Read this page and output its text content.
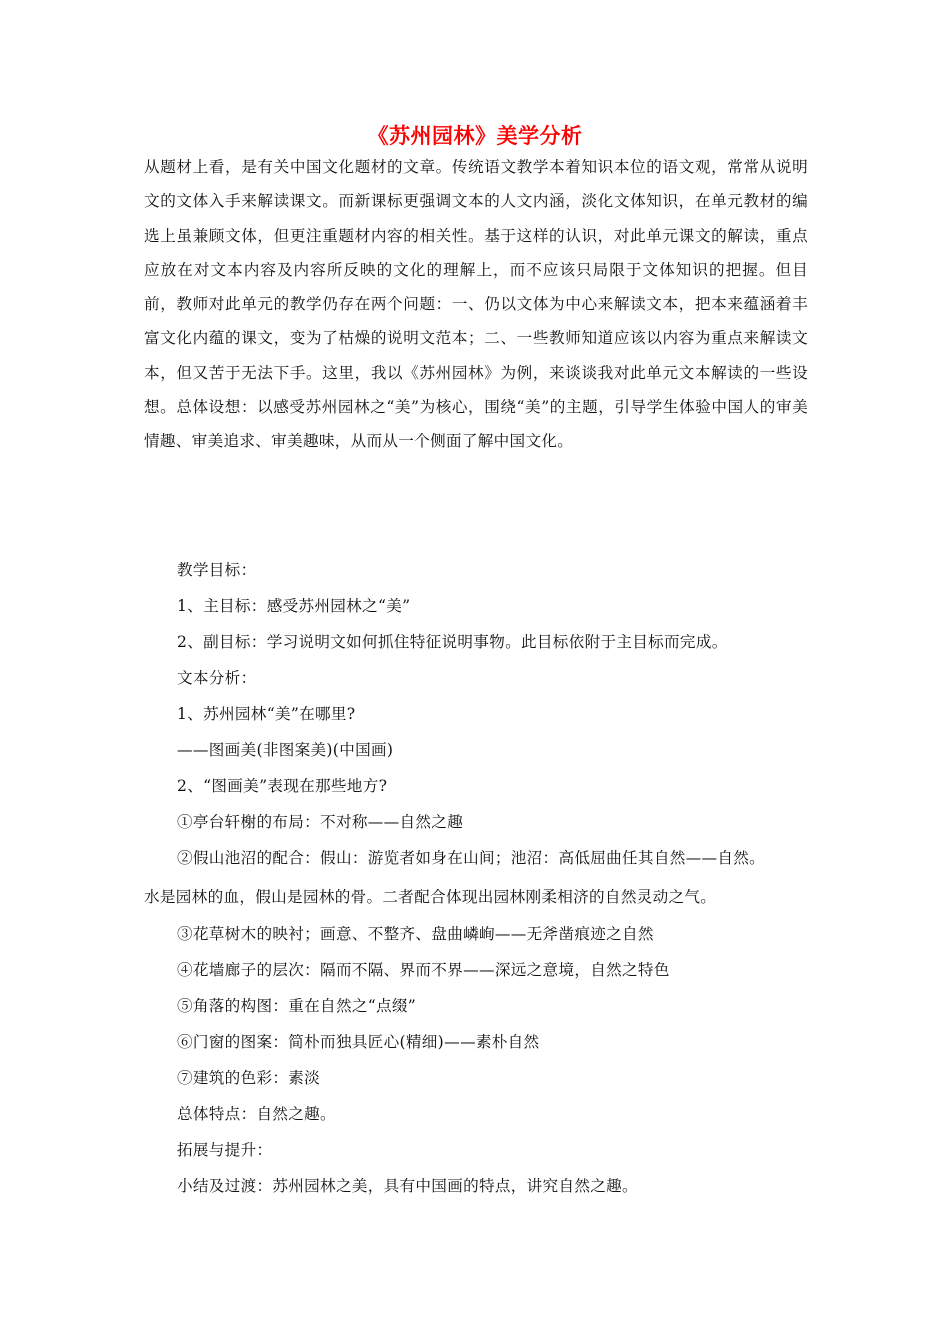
《苏州园林》美学分析
从题材上看，是有关中国文化题材的文章。传统语文教学本着知识本位的语文观，常常从说明文的文体入手来解读课文。而新课标更强调文本的人文内涵，淡化文体知识，在单元教材的编选上虽兼顾文体，但更注重题材内容的相关性。基于这样的认识，对此单元课文的解读，重点应放在对文本内容及内容所反映的文化的理解上，而不应该只局限于文体知识的把握。但目前，教师对此单元的教学仍存在两个问题：一、仍以文体为中心来解读文本，把本来蕴涵着丰富文化内蕴的课文，变为了枯燥的说明文范本；二、一些教师知道应该以内容为重点来解读文本，但又苦于无法下手。这里，我以《苏州园林》为例，来谈谈我对此单元文本解读的一些设想。总体设想：以感受苏州园林之“美”为核心，围绕“美”的主题，引导学生体验中国人的审美情趣、审美追求、审美趣味，从而从一个侧面了解中国文化。
教学目标：
1、主目标：感受苏州园林之“美”
2、副目标：学习说明文如何抓住特征说明事物。此目标依附于主目标而完成。
文本分析：
1、苏州园林“美”在哪里?
——图画美(非图案美)(中国画)
2、“图画美”表现在那些地方?
①亭台轩榭的布局：不对称——自然之趣
②假山池沼的配合：假山：游览者如身在山间；池沼：高低屈曲任其自然——自然。
水是园林的血，假山是园林的骨。二者配合体现出园林刚柔相济的自然灵动之气。
③花草树木的映衬；画意、不整齐、盘曲嶙峋——无斧凿痕迹之自然
④花墙廊子的层次：隔而不隔、界而不界——深远之意境，自然之特色
⑤角落的构图：重在自然之“点缀”
⑥门窗的图案：简朴而独具匠心(精细)——素朴自然
⑦建筑的色彩：素淡
总体特点：自然之趣。
拓展与提升：
小结及过渡：苏州园林之美，具有中国画的特点，讲究自然之趣。
